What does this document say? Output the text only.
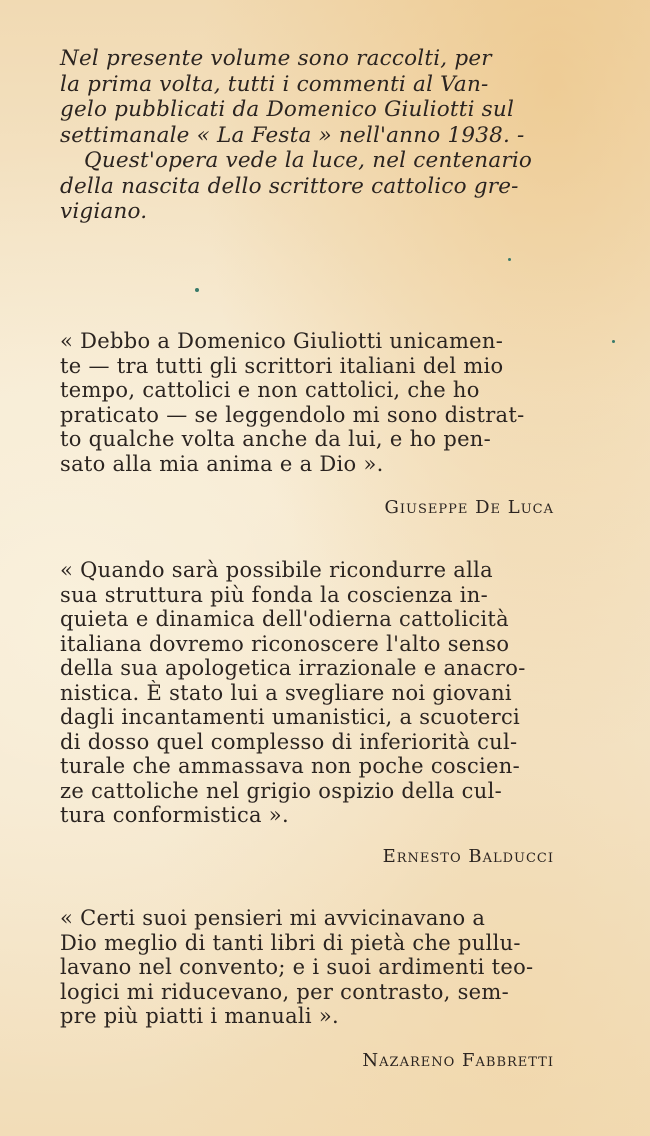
Nel presente volume sono raccolti, per
la prima volta, tutti i commenti al Van-
gelo pubblicati da Domenico Giuliotti sul
settimanale « La Festa » nell'anno 1938. -
Quest'opera vede la luce, nel centenario
della nascita dello scrittore cattolico gre-
vigiano.
« Debbo a Domenico Giuliotti unicamen-
te — tra tutti gli scrittori italiani del mio
tempo, cattolici e non cattolici, che ho
praticato — se leggendolo mi sono distrat-
to qualche volta anche da lui, e ho pen-
sato alla mia anima e a Dio ».

Giuseppe De Luca

« Quando sarà possibile ricondurre alla
sua struttura più fonda la coscienza in-
quieta e dinamica dell'odierna cattolicità
italiana dovremo riconoscere l'alto senso
della sua apologetica irrazionale e anacro-
nistica. È stato lui a svegliare noi giovani
dagli incantamenti umanistici, a scuoterci
di dosso quel complesso di inferiorità cul-
turale che ammassava non poche coscien-
ze cattoliche nel grigio ospizio della cul-
tura conformistica ».

Ernesto Balducci

« Certi suoi pensieri mi avvicinavano a
Dio meglio di tanti libri di pietà che pullu-
lavano nel convento; e i suoi ardimenti teo-
logici mi riducevano, per contrasto, sem-
pre più piatti i manuali ».

Nazareno Fabbretti
